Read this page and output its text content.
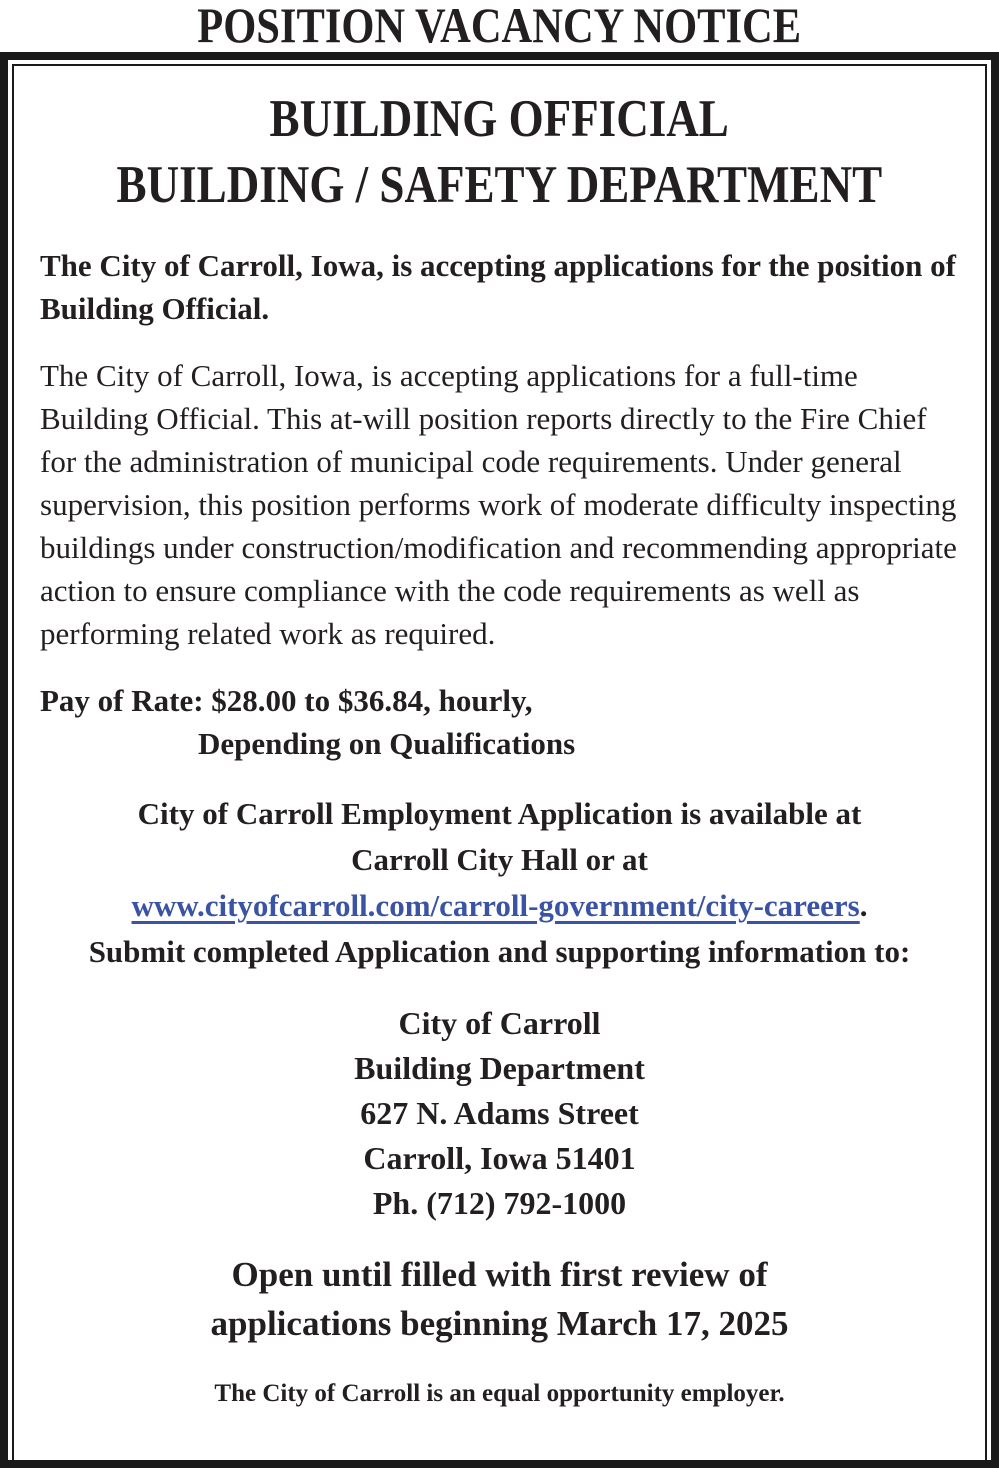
POSITION VACANCY NOTICE
BUILDING OFFICIAL
BUILDING / SAFETY DEPARTMENT
The City of Carroll, Iowa, is accepting applications for the position of Building Official.
The City of Carroll, Iowa, is accepting applications for a full-time Building Official. This at-will position reports directly to the Fire Chief for the administration of municipal code requirements. Under general supervision, this position performs work of moderate difficulty inspecting buildings under construction/modification and recommending appropriate action to ensure compliance with the code requirements as well as performing related work as required.
Pay of Rate: $28.00 to $36.84, hourly,
Depending on Qualifications
City of Carroll Employment Application is available at
Carroll City Hall or at
www.cityofcarroll.com/carroll-government/city-careers.
Submit completed Application and supporting information to:
City of Carroll
Building Department
627 N. Adams Street
Carroll, Iowa 51401
Ph. (712) 792-1000
Open until filled with first review of
applications beginning March 17, 2025
The City of Carroll is an equal opportunity employer.
